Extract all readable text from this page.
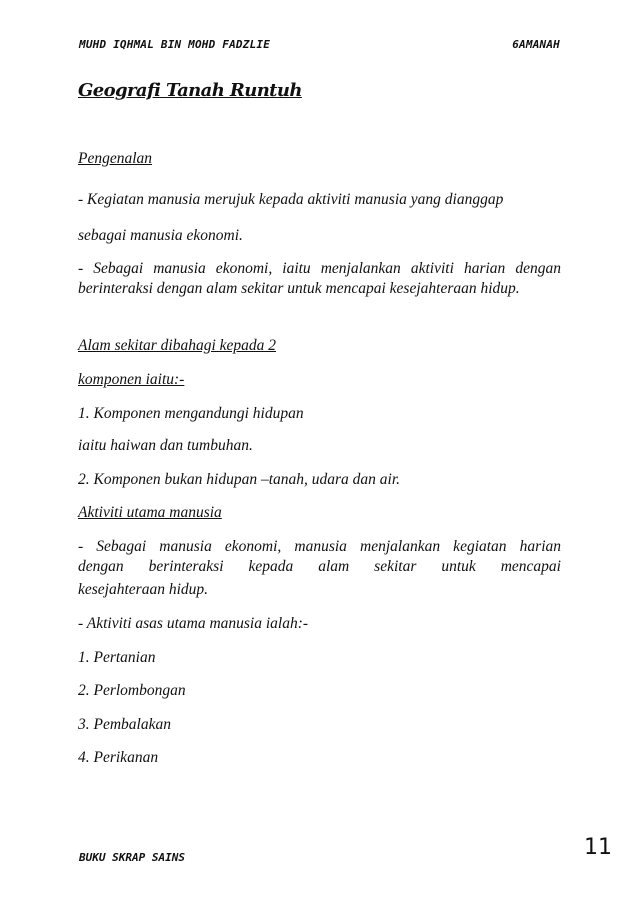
MUHD IQHMAL BIN MOHD FADZLIE	6AMANAH
Geografi Tanah Runtuh

Pengenalan

- Kegiatan manusia merujuk kepada aktiviti manusia yang dianggap

sebagai manusia ekonomi.

- Sebagai manusia ekonomi, iaitu menjalankan aktiviti harian dengan berinteraksi dengan alam sekitar untuk mencapai kesejahteraan hidup.

Alam sekitar dibahagi kepada 2

komponen iaitu:-

1. Komponen mengandungi hidupan

iaitu haiwan dan tumbuhan.

2. Komponen bukan hidupan –tanah, udara dan air.

Aktiviti utama manusia

- Sebagai manusia ekonomi, manusia menjalankan kegiatan harian

dengan berinteraksi kepada alam sekitar untuk mencapai

kesejahteraan hidup.

- Aktiviti asas utama manusia ialah:-

1. Pertanian

2. Perlombongan

3. Pembalakan

4. Perikanan

BUKU SKRAP SAINS	11
